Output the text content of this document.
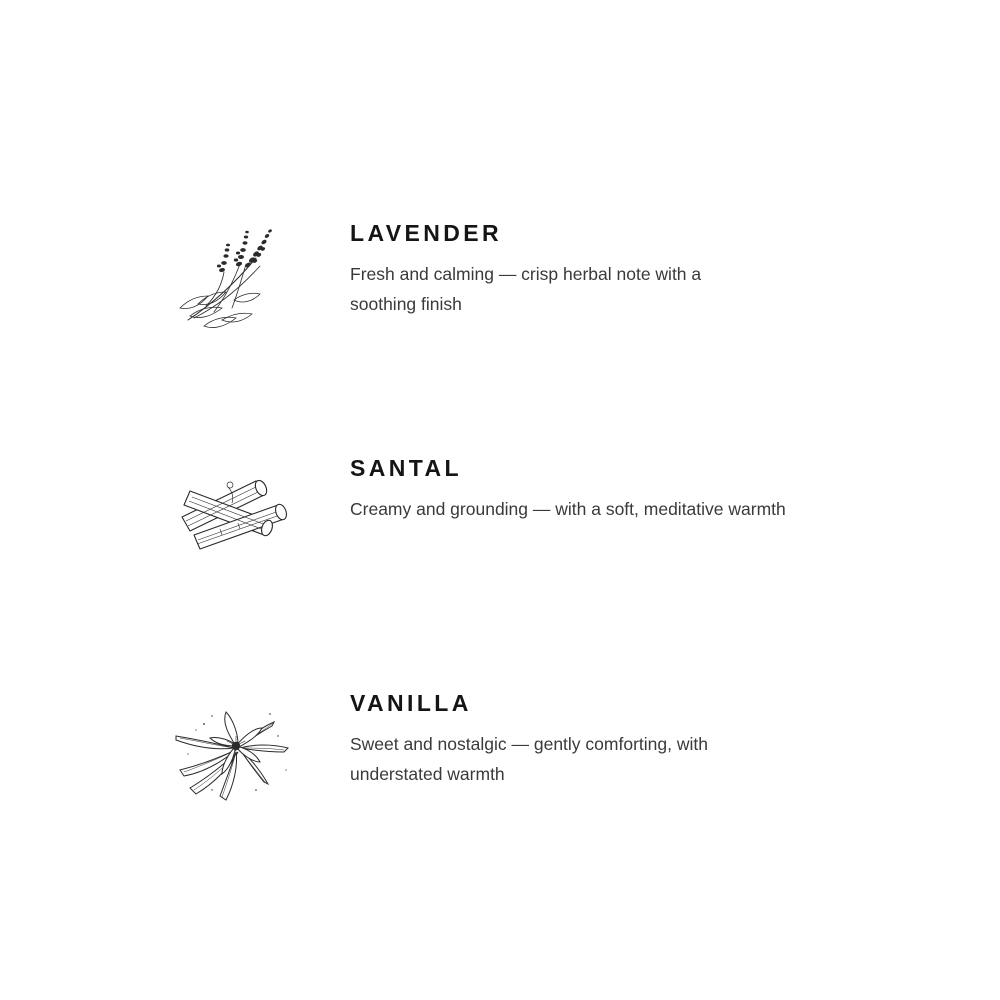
LAVENDER

Fresh and calming — crisp herbal note with a soothing finish

SANTAL

Creamy and grounding — with a soft, meditative warmth

VANILLA

Sweet and nostalgic — gently comforting, with understated warmth
